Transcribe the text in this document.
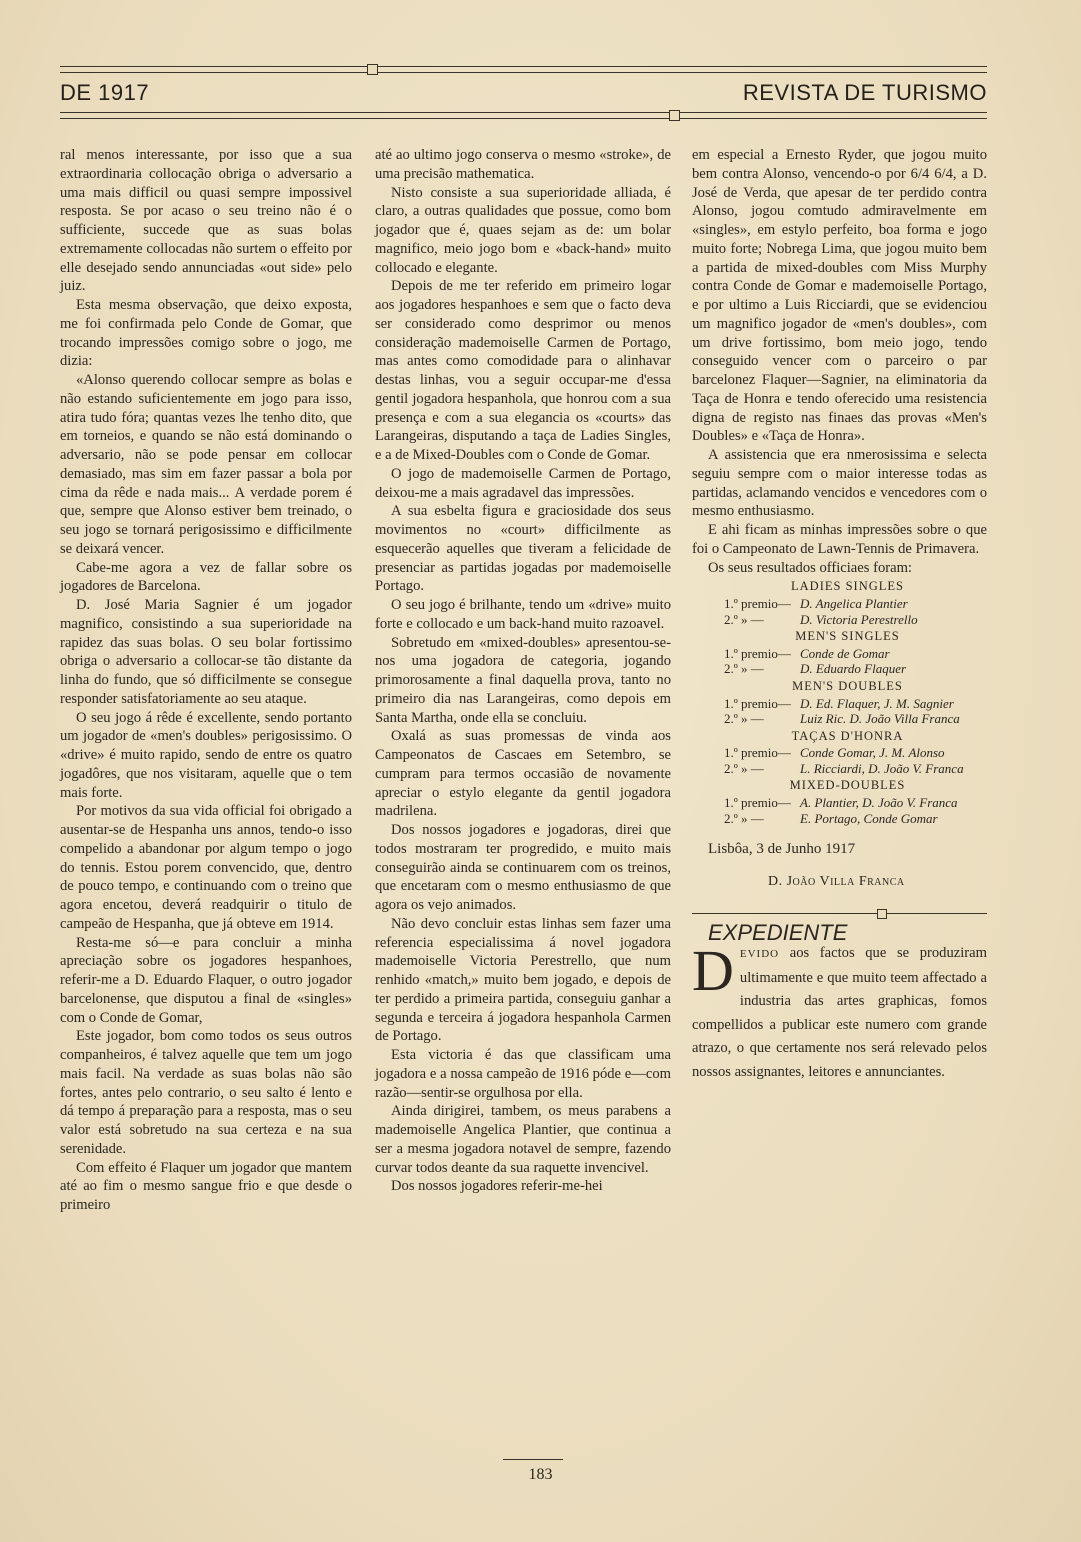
DE 1917	REVISTA DE TURISMO

ral menos interessante, por isso que a sua extraordinaria collocação obriga o adversario a uma mais difficil ou quasi sempre impossivel resposta. Se por acaso o seu treino não é o sufficiente, succede que as suas bolas extremamente collocadas não surtem o effeito por elle desejado sendo annunciadas «out side» pelo juiz.

Esta mesma observação, que deixo exposta, me foi confirmada pelo Conde de Gomar, que trocando impressões comigo sobre o jogo, me dizia:

«Alonso querendo collocar sempre as bolas e não estando suficientemente em jogo para isso, atira tudo fóra; quantas vezes lhe tenho dito, que em torneios, e quando se não está dominando o adversario, não se pode pensar em collocar demasiado, mas sim em fazer passar a bola por cima da rêde e nada mais... A verdade porem é que, sempre que Alonso estiver bem treinado, o seu jogo se tornará perigosissimo e difficilmente se deixará vencer.

Cabe-me agora a vez de fallar sobre os jogadores de Barcelona.

D. José Maria Sagnier é um jogador magnifico, consistindo a sua superioridade na rapidez das suas bolas. O seu bolar fortissimo obriga o adversario a collocar-se tão distante da linha do fundo, que só difficilmente se consegue responder satisfatoriamente ao seu ataque.

O seu jogo á rêde é excellente, sendo portanto um jogador de «men's doubles» perigosissimo. O «drive» é muito rapido, sendo de entre os quatro jogadôres, que nos visitaram, aquelle que o tem mais forte.

Por motivos da sua vida official foi obrigado a ausentar-se de Hespanha uns annos, tendo-o isso compelido a abandonar por algum tempo o jogo do tennis. Estou porem convencido, que, dentro de pouco tempo, e continuando com o treino que agora encetou, deverá readquirir o titulo de campeão de Hespanha, que já obteve em 1914.

Resta-me só—e para concluir a minha apreciação sobre os jogadores hespanhoes, referir-me a D. Eduardo Flaquer, o outro jogador barcelonense, que disputou a final de «singles» com o Conde de Gomar,

Este jogador, bom como todos os seus outros companheiros, é talvez aquelle que tem um jogo mais facil. Na verdade as suas bolas não são fortes, antes pelo contrario, o seu salto é lento e dá tempo á preparação para a resposta, mas o seu valor está sobretudo na sua certeza e na sua serenidade.

Com effeito é Flaquer um jogador que mantem até ao fim o mesmo sangue frio e que desde o primeiro

até ao ultimo jogo conserva o mesmo «stroke», de uma precisão mathematica.

Nisto consiste a sua superioridade alliada, é claro, a outras qualidades que possue, como bom jogador que é, quaes sejam as de: um bolar magnifico, meio jogo bom e «back-hand» muito collocado e elegante.

Depois de me ter referido em primeiro logar aos jogadores hespanhoes e sem que o facto deva ser considerado como desprimor ou menos consideração mademoiselle Carmen de Portago, mas antes como comodidade para o alinhavar destas linhas, vou a seguir occupar-me d'essa gentil jogadora hespanhola, que honrou com a sua presença e com a sua elegancia os «courts» das Larangeiras, disputando a taça de Ladies Singles, e a de Mixed-Doubles com o Conde de Gomar.

O jogo de mademoiselle Carmen de Portago, deixou-me a mais agradavel das impressões.

A sua esbelta figura e graciosidade dos seus movimentos no «court» difficilmente as esquecerão aquelles que tiveram a felicidade de presenciar as partidas jogadas por mademoiselle Portago.

O seu jogo é brilhante, tendo um «drive» muito forte e collocado e um back-hand muito razoavel.

Sobretudo em «mixed-doubles» apresentou-se-nos uma jogadora de categoria, jogando primorosamente a final daquella prova, tanto no primeiro dia nas Larangeiras, como depois em Santa Martha, onde ella se concluiu.

Oxalá as suas promessas de vinda aos Campeonatos de Cascaes em Setembro, se cumpram para termos occasião de novamente apreciar o estylo elegante da gentil jogadora madrilena.

Dos nossos jogadores e jogadoras, direi que todos mostraram ter progredido, e muito mais conseguirão ainda se continuarem com os treinos, que encetaram com o mesmo enthusiasmo de que agora os vejo animados.

Não devo concluir estas linhas sem fazer uma referencia especialissima á novel jogadora mademoiselle Victoria Perestrello, que num renhido «match,» muito bem jogado, e depois de ter perdido a primeira partida, conseguiu ganhar a segunda e terceira á jogadora hespanhola Carmen de Portago.

Esta victoria é das que classificam uma jogadora e a nossa campeão de 1916 póde e—com razão—sentir-se orgulhosa por ella.

Ainda dirigirei, tambem, os meus parabens a mademoiselle Angelica Plantier, que continua a ser a mesma jogadora notavel de sempre, fazendo curvar todos deante da sua raquette invencivel.

Dos nossos jogadores referir-me-hei

em especial a Ernesto Ryder, que jogou muito bem contra Alonso, vencendo-o por 6/4 6/4, a D. José de Verda, que apesar de ter perdido contra Alonso, jogou comtudo admiravelmente em «singles», em estylo perfeito, boa forma e jogo muito forte; Nobrega Lima, que jogou muito bem a partida de mixed-doubles com Miss Murphy contra Conde de Gomar e mademoiselle Portago, e por ultimo a Luis Ricciardi, que se evidenciou um magnifico jogador de «men's doubles», com um drive fortissimo, bom meio jogo, tendo conseguido vencer com o parceiro o par barcelonez Flaquer—Sagnier, na eliminatoria da Taça de Honra e tendo oferecido uma resistencia digna de registo nas finaes das provas «Men's Doubles» e «Taça de Honra».

A assistencia que era nmerosissima e selecta seguiu sempre com o maior interesse todas as partidas, aclamando vencidos e vencedores com o mesmo enthusiasmo.

E ahi ficam as minhas impressões sobre o que foi o Campeonato de Lawn-Tennis de Primavera.

Os seus resultados officiaes foram:

LADIES SINGLES

1.º premio— D. Angelica Plantier

2.º » —	D. Victoria Perestrello

MEN'S SINGLES

1.º premio— Conde de Gomar

2.º » —	D. Eduardo Flaquer

MEN'S DOUBLES

1.º premio— D. Ed. Flaquer, J. M. Sagnier

2.º » —	Luiz Ric. D. João Villa Franca

TAÇAS D'HONRA

1.º premio— Conde Gomar, J. M. Alonso

2.º » —	L. Ricciardi, D. João V. Franca

MIXED-DOUBLES

1.º premio— A. Plantier, D. João V. Franca

2.º » —	E. Portago, Conde Gomar

Lisbôa, 3 de Junho 1917

D. João Villa Franca

EXPEDIENTE

DEVIDO aos factos que se produziram ultimamente e que muito teem affectado a industria das artes graphicas, fomos compellidos a publicar este numero com grande atrazo, o que certamente nos será relevado pelos nossos assignantes, leitores e annunciantes.

183
